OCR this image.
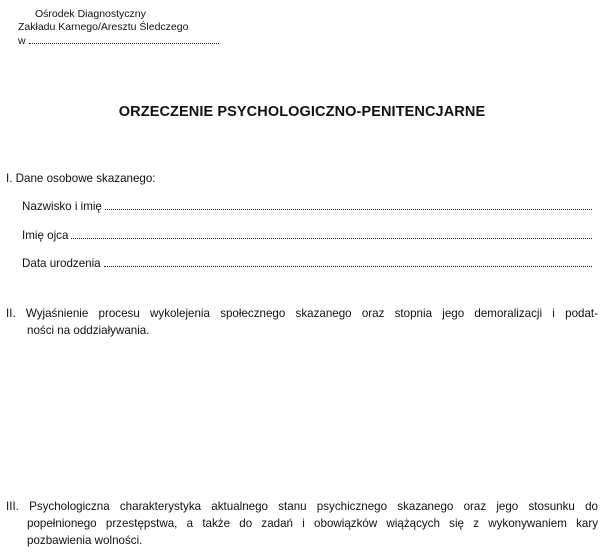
Ośrodek Diagnostyczny
Zakładu Karnego/Aresztu Śledczego
w
ORZECZENIE PSYCHOLOGICZNO-PENITENCJARNE
I. Dane osobowe skazanego:
Nazwisko i imię
Imię ojca
Data urodzenia
II. Wyjaśnienie procesu wykolejenia społecznego skazanego oraz stopnia jego demoralizacji i podat-
ności na oddziaływania.
III. Psychologiczna charakterystyka aktualnego stanu psychicznego skazanego oraz jego stosunku do
popełnionego przestępstwa, a także do zadań i obowiązków wiążących się z wykonywaniem kary
pozbawienia wolności.
